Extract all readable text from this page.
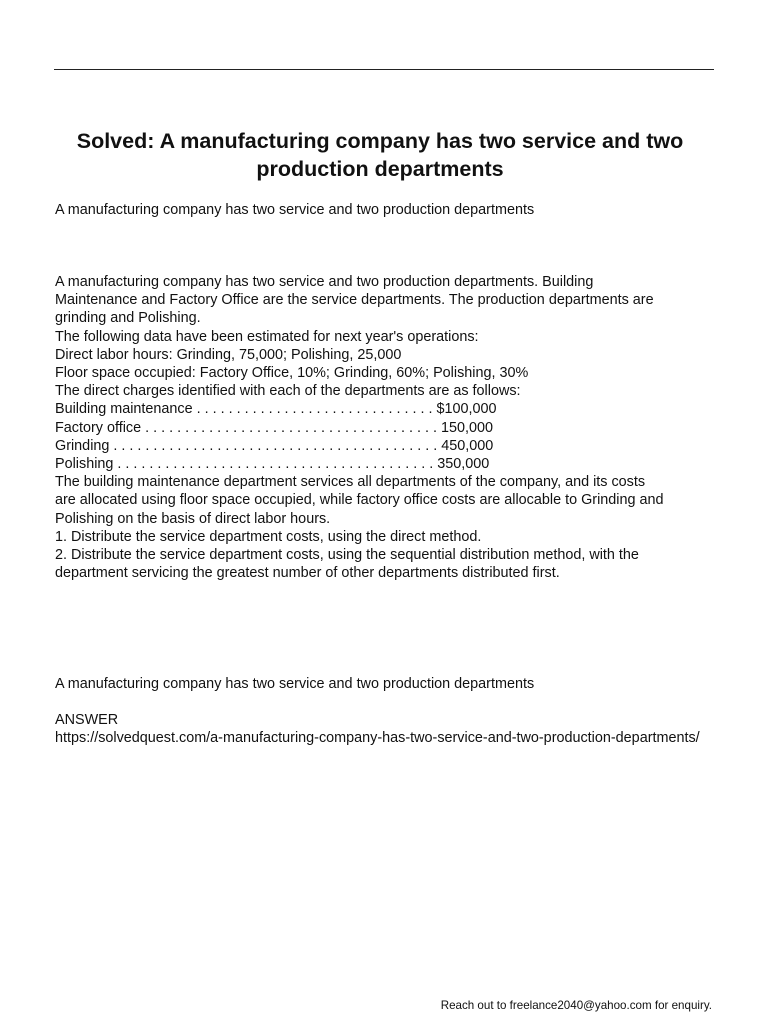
Solved: A manufacturing company has two service and two production departments
A manufacturing company has two service and two production departments
A manufacturing company has two service and two production departments. Building
Maintenance and Factory Office are the service departments. The production departments are
grinding and Polishing.
The following data have been estimated for next year's operations:
Direct labor hours: Grinding, 75,000; Polishing, 25,000
Floor space occupied: Factory Office, 10%; Grinding, 60%; Polishing, 30%
The direct charges identified with each of the departments are as follows:
Building maintenance . . . . . . . . . . . . . . . . . . . . . . . . . . . . . . $100,000
Factory office . . . . . . . . . . . . . . . . . . . . . . . . . . . . . . . . . . . . . 150,000
Grinding . . . . . . . . . . . . . . . . . . . . . . . . . . . . . . . . . . . . . . . . . 450,000
Polishing . . . . . . . . . . . . . . . . . . . . . . . . . . . . . . . . . . . . . . . . 350,000
The building maintenance department services all departments of the company, and its costs
are allocated using floor space occupied, while factory office costs are allocable to Grinding and
Polishing on the basis of direct labor hours.
1. Distribute the service department costs, using the direct method.
2. Distribute the service department costs, using the sequential distribution method, with the
department servicing the greatest number of other departments distributed first.
A manufacturing company has two service and two production departments
ANSWER
https://solvedquest.com/a-manufacturing-company-has-two-service-and-two-production-departments/
Reach out to freelance2040@yahoo.com for enquiry.
